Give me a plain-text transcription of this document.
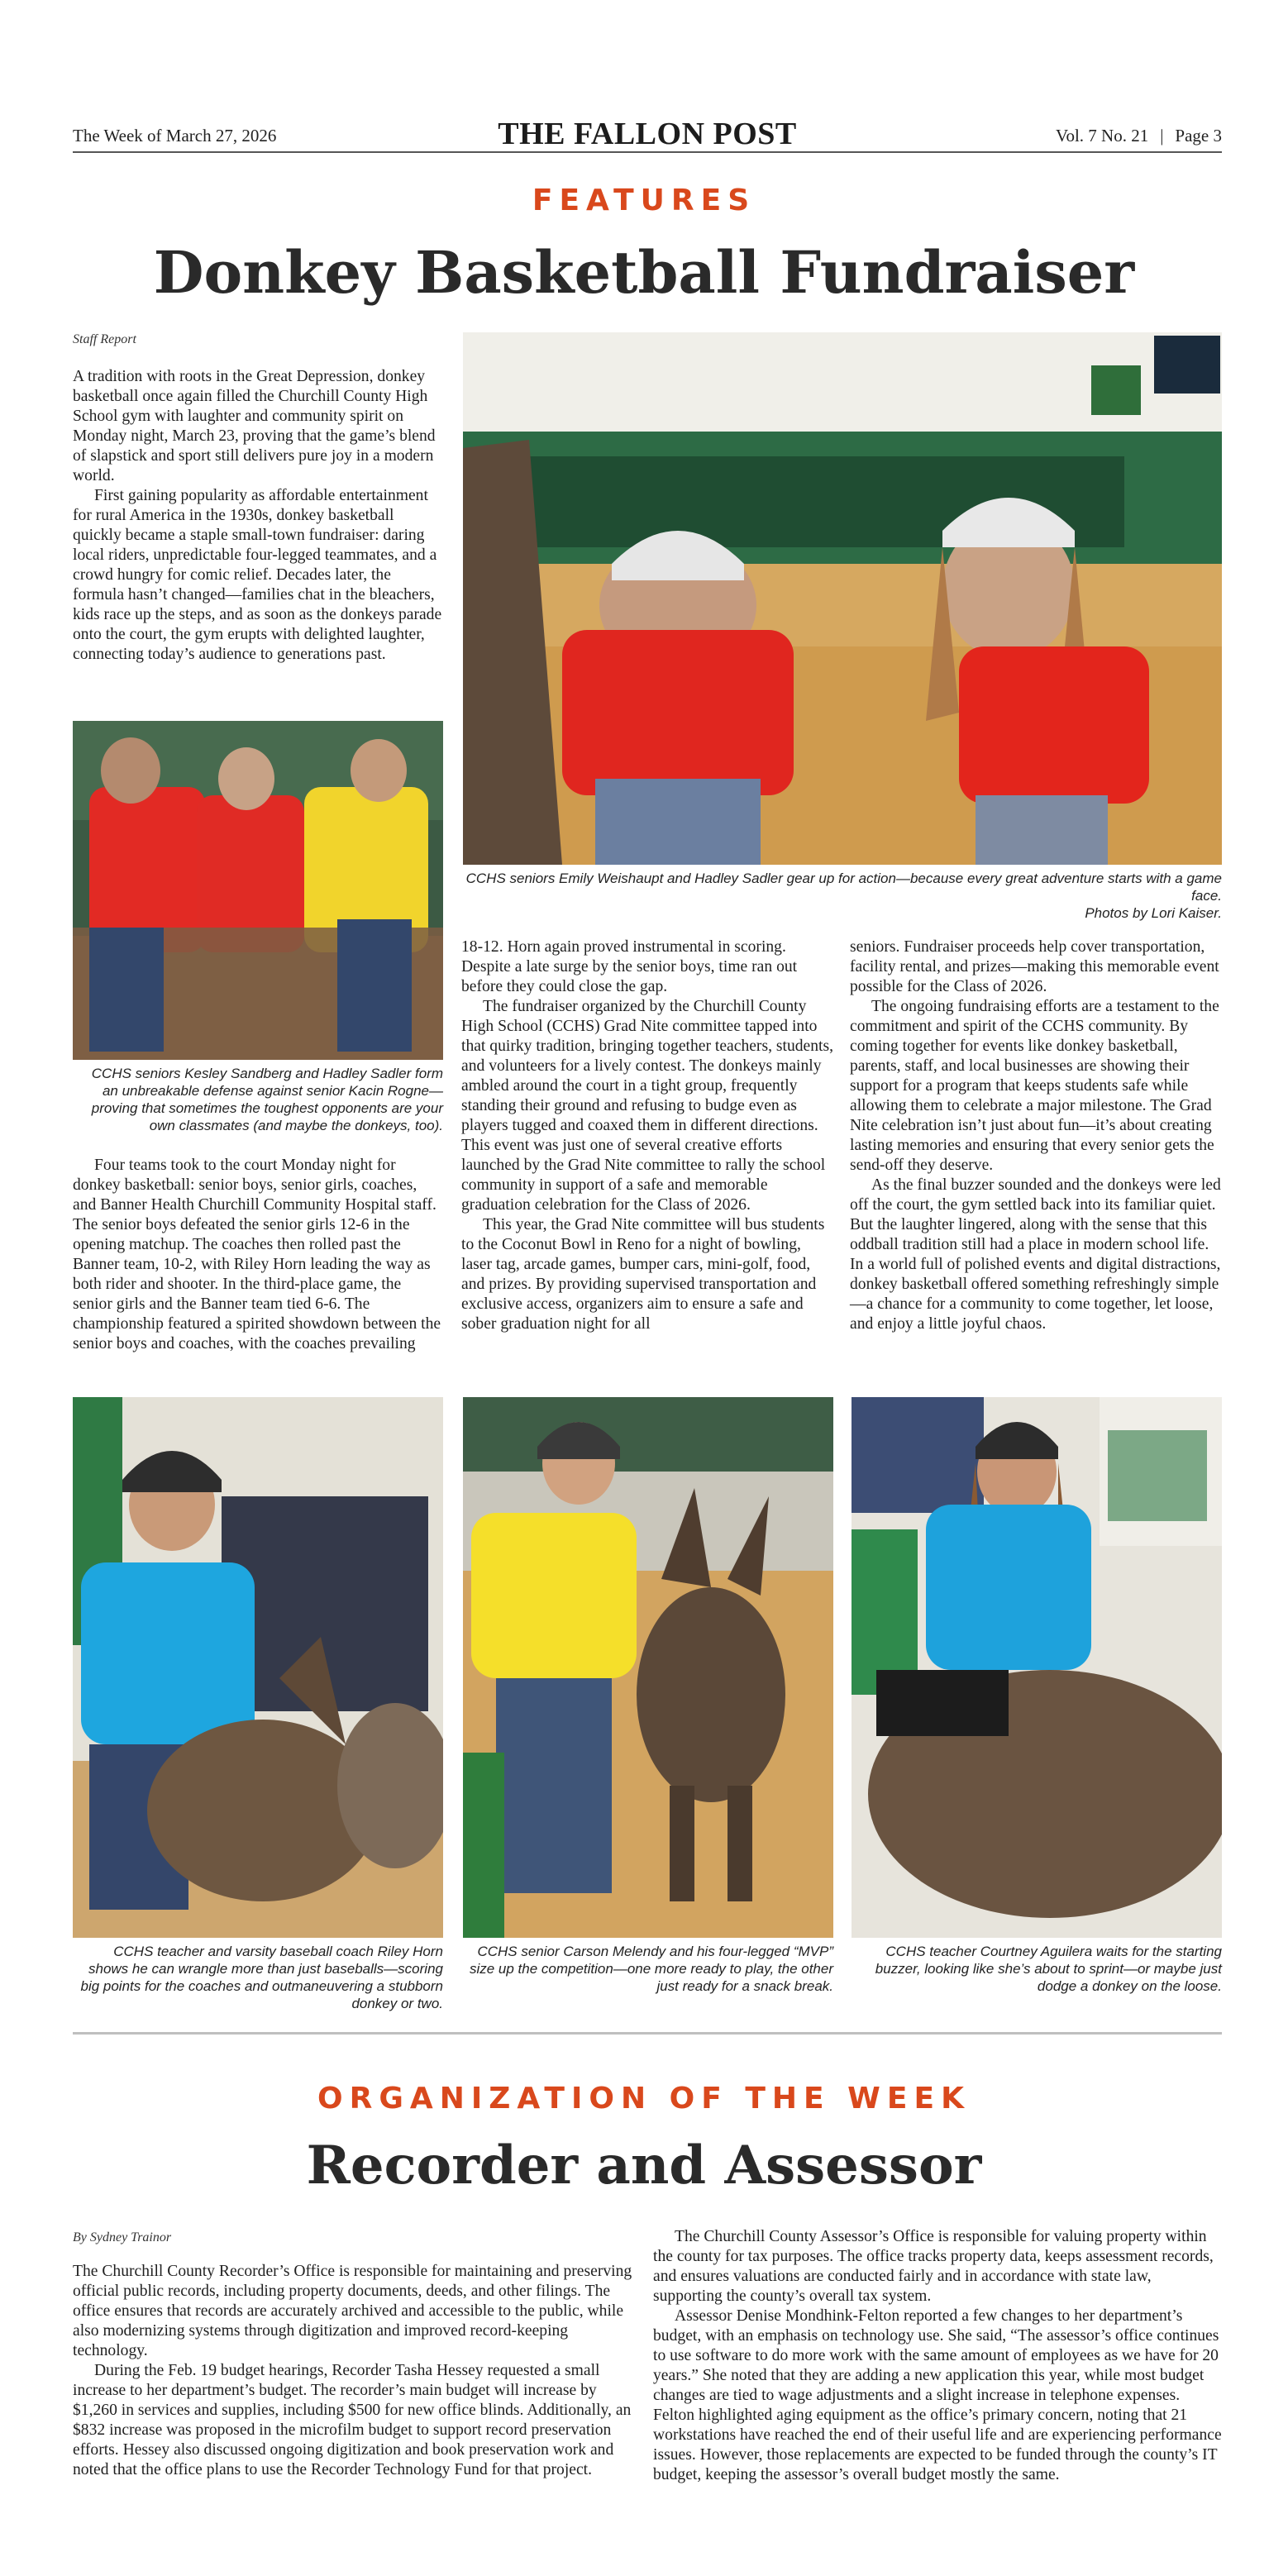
The Week of March 27, 2026	THE FALLON POST	Vol. 7 No. 21 | Page 3
FEATURES
Donkey Basketball Fundraiser
Staff Report

A tradition with roots in the Great Depression, donkey basketball once again filled the Churchill County High School gym with laughter and community spirit on Monday night, March 23, proving that the game’s blend of slapstick and sport still delivers pure joy in a modern world.

First gaining popularity as affordable entertainment for rural America in the 1930s, donkey basketball quickly became a staple small-town fundraiser: daring local riders, unpredictable four-legged teammates, and a crowd hungry for comic relief. Decades later, the formula hasn’t changed—families chat in the bleachers, kids race up the steps, and as soon as the donkeys parade onto the court, the gym erupts with delighted laughter, connecting today’s audience to generations past.

CCHS seniors Emily Weishaupt and Hadley Sadler gear up for action—because every great adventure starts with a game face.
Photos by Lori Kaiser.
CCHS seniors Kesley Sandberg and Hadley Sadler form an unbreakable defense against senior Kacin Rogne—proving that sometimes the toughest opponents are your own classmates (and maybe the donkeys, too).

Four teams took to the court Monday night for donkey basketball: senior boys, senior girls, coaches, and Banner Health Churchill Community Hospital staff. The senior boys defeated the senior girls 12-6 in the opening matchup. The coaches then rolled past the Banner team, 10-2, with Riley Horn leading the way as both rider and shooter. In the third-place game, the senior girls and the Banner team tied 6-6. The championship featured a spirited showdown between the senior boys and coaches, with the coaches prevailing

18-12. Horn again proved instrumental in scoring. Despite a late surge by the senior boys, time ran out before they could close the gap.

The fundraiser organized by the Churchill County High School (CCHS) Grad Nite committee tapped into that quirky tradition, bringing together teachers, students, and volunteers for a lively contest. The donkeys mainly ambled around the court in a tight group, frequently standing their ground and refusing to budge even as players tugged and coaxed them in different directions. This event was just one of several creative efforts launched by the Grad Nite committee to rally the school community in support of a safe and memorable graduation celebration for the Class of 2026.

This year, the Grad Nite committee will bus students to the Coconut Bowl in Reno for a night of bowling, laser tag, arcade games, bumper cars, mini-golf, food, and prizes. By providing supervised transportation and exclusive access, organizers aim to ensure a safe and sober graduation night for all

seniors. Fundraiser proceeds help cover transportation, facility rental, and prizes—making this memorable event possible for the Class of 2026.

The ongoing fundraising efforts are a testament to the commitment and spirit of the CCHS community. By coming together for events like donkey basketball, parents, staff, and local businesses are showing their support for a program that keeps students safe while allowing them to celebrate a major milestone. The Grad Nite celebration isn’t just about fun—it’s about creating lasting memories and ensuring that every senior gets the send-off they deserve.

As the final buzzer sounded and the donkeys were led off the court, the gym settled back into its familiar quiet. But the laughter lingered, along with the sense that this oddball tradition still had a place in modern school life. In a world full of polished events and digital distractions, donkey basketball offered something refreshingly simple—a chance for a community to come together, let loose, and enjoy a little joyful chaos.

CCHS teacher and varsity baseball coach Riley Horn shows he can wrangle more than just baseballs—scoring big points for the coaches and outmaneuvering a stubborn donkey or two.
CCHS senior Carson Melendy and his four-legged “MVP” size up the competition—one more ready to play, the other just ready for a snack break.
CCHS teacher Courtney Aguilera waits for the starting buzzer, looking like she’s about to sprint—or maybe just dodge a donkey on the loose.
ORGANIZATION OF THE WEEK
Recorder and Assessor
By Sydney Trainor

The Churchill County Recorder’s Office is responsible for maintaining and preserving official public records, including property documents, deeds, and other filings. The office ensures that records are accurately archived and accessible to the public, while also modernizing systems through digitization and improved record-keeping technology.

During the Feb. 19 budget hearings, Recorder Tasha Hessey requested a small increase to her department’s budget. The recorder’s main budget will increase by $1,260 in services and supplies, including $500 for new office blinds. Additionally, an $832 increase was proposed in the microfilm budget to support record preservation efforts. Hessey also discussed ongoing digitization and book preservation work and noted that the office plans to use the Recorder Technology Fund for that project.

The Churchill County Assessor’s Office is responsible for valuing property within the county for tax purposes. The office tracks property data, keeps assessment records, and ensures valuations are conducted fairly and in accordance with state law, supporting the county’s overall tax system.

Assessor Denise Mondhink-Felton reported a few changes to her department’s budget, with an emphasis on technology use. She said, “The assessor’s office continues to use software to do more work with the same amount of employees as we have for 20 years.” She noted that they are adding a new application this year, while most budget changes are tied to wage adjustments and a slight increase in telephone expenses. Felton highlighted aging equipment as the office’s primary concern, noting that 21 workstations have reached the end of their useful life and are experiencing performance issues. However, those replacements are expected to be funded through the county’s IT budget, keeping the assessor’s overall budget mostly the same.
